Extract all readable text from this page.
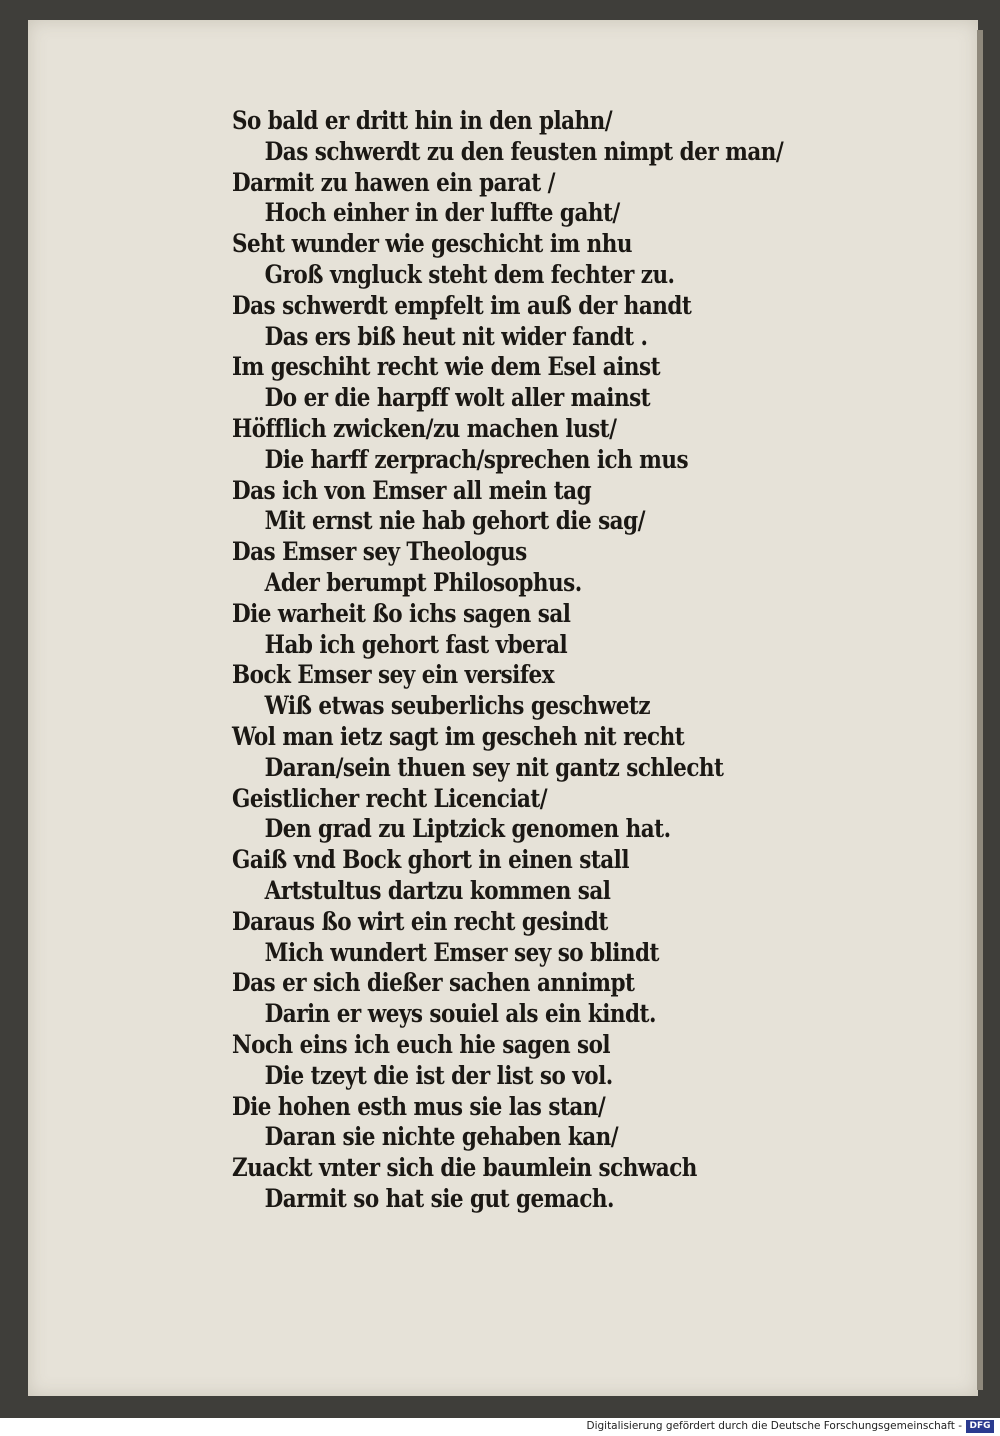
So bald er dritt hin in den plahn/
Das schwerdt zu den feusten nimpt der man/
Darmit zu hawen ein parat /
Hoch einher in der lufftе gaht/
Seht wunder wie geschicht im nhu
Groß vngluck steht dem fechter zu.
Das schwerdt empfelt im auß der handt
Das ers biß heut nit wider fandt .
Im geschiht recht wie dem Esel ainst
Do er die harpff wolt aller mainst
Höfflich zwicken/zu machen lust/
Die harff zerprach/sprechen ich mus
Das ich von Emser all mein tag
Mit ernst nie hab gehort die sag/
Das Emser sey Theologus
Ader berumpt Philosophus.
Die warheit ßo ichs sagen sal
Hab ich gehort fast vberal
Bock Emser sey ein versifex
Wiß etwas seuberlichs geschwetz
Wol man ietz sagt im gescheh nit recht
Daran/sein thuen sey nit gantz schlecht
Geistlicher recht Licenciat/
Den grad zu Liptzick genomen hat.
Gaiß vnd Bock ghort in einen stall
Artstultus dartzu kommen sal
Daraus ßo wirt ein recht gesindt
Mich wundert Emser sey so blindt
Das er sich dießer sachen annimpt
Darin er weys souiel als ein kindt.
Noch eins ich euch hie sagen sol
Die tzeyt die ist der list so vol.
Die hohen esth mus sie las stan/
Daran sie nichte gehaben kan/
Zuackt vnter sich die baumlein schwach
Darmit so hat sie gut gemach.
Digitalisierung gefördert durch die Deutsche Forschungsgemeinschaft - DFG
